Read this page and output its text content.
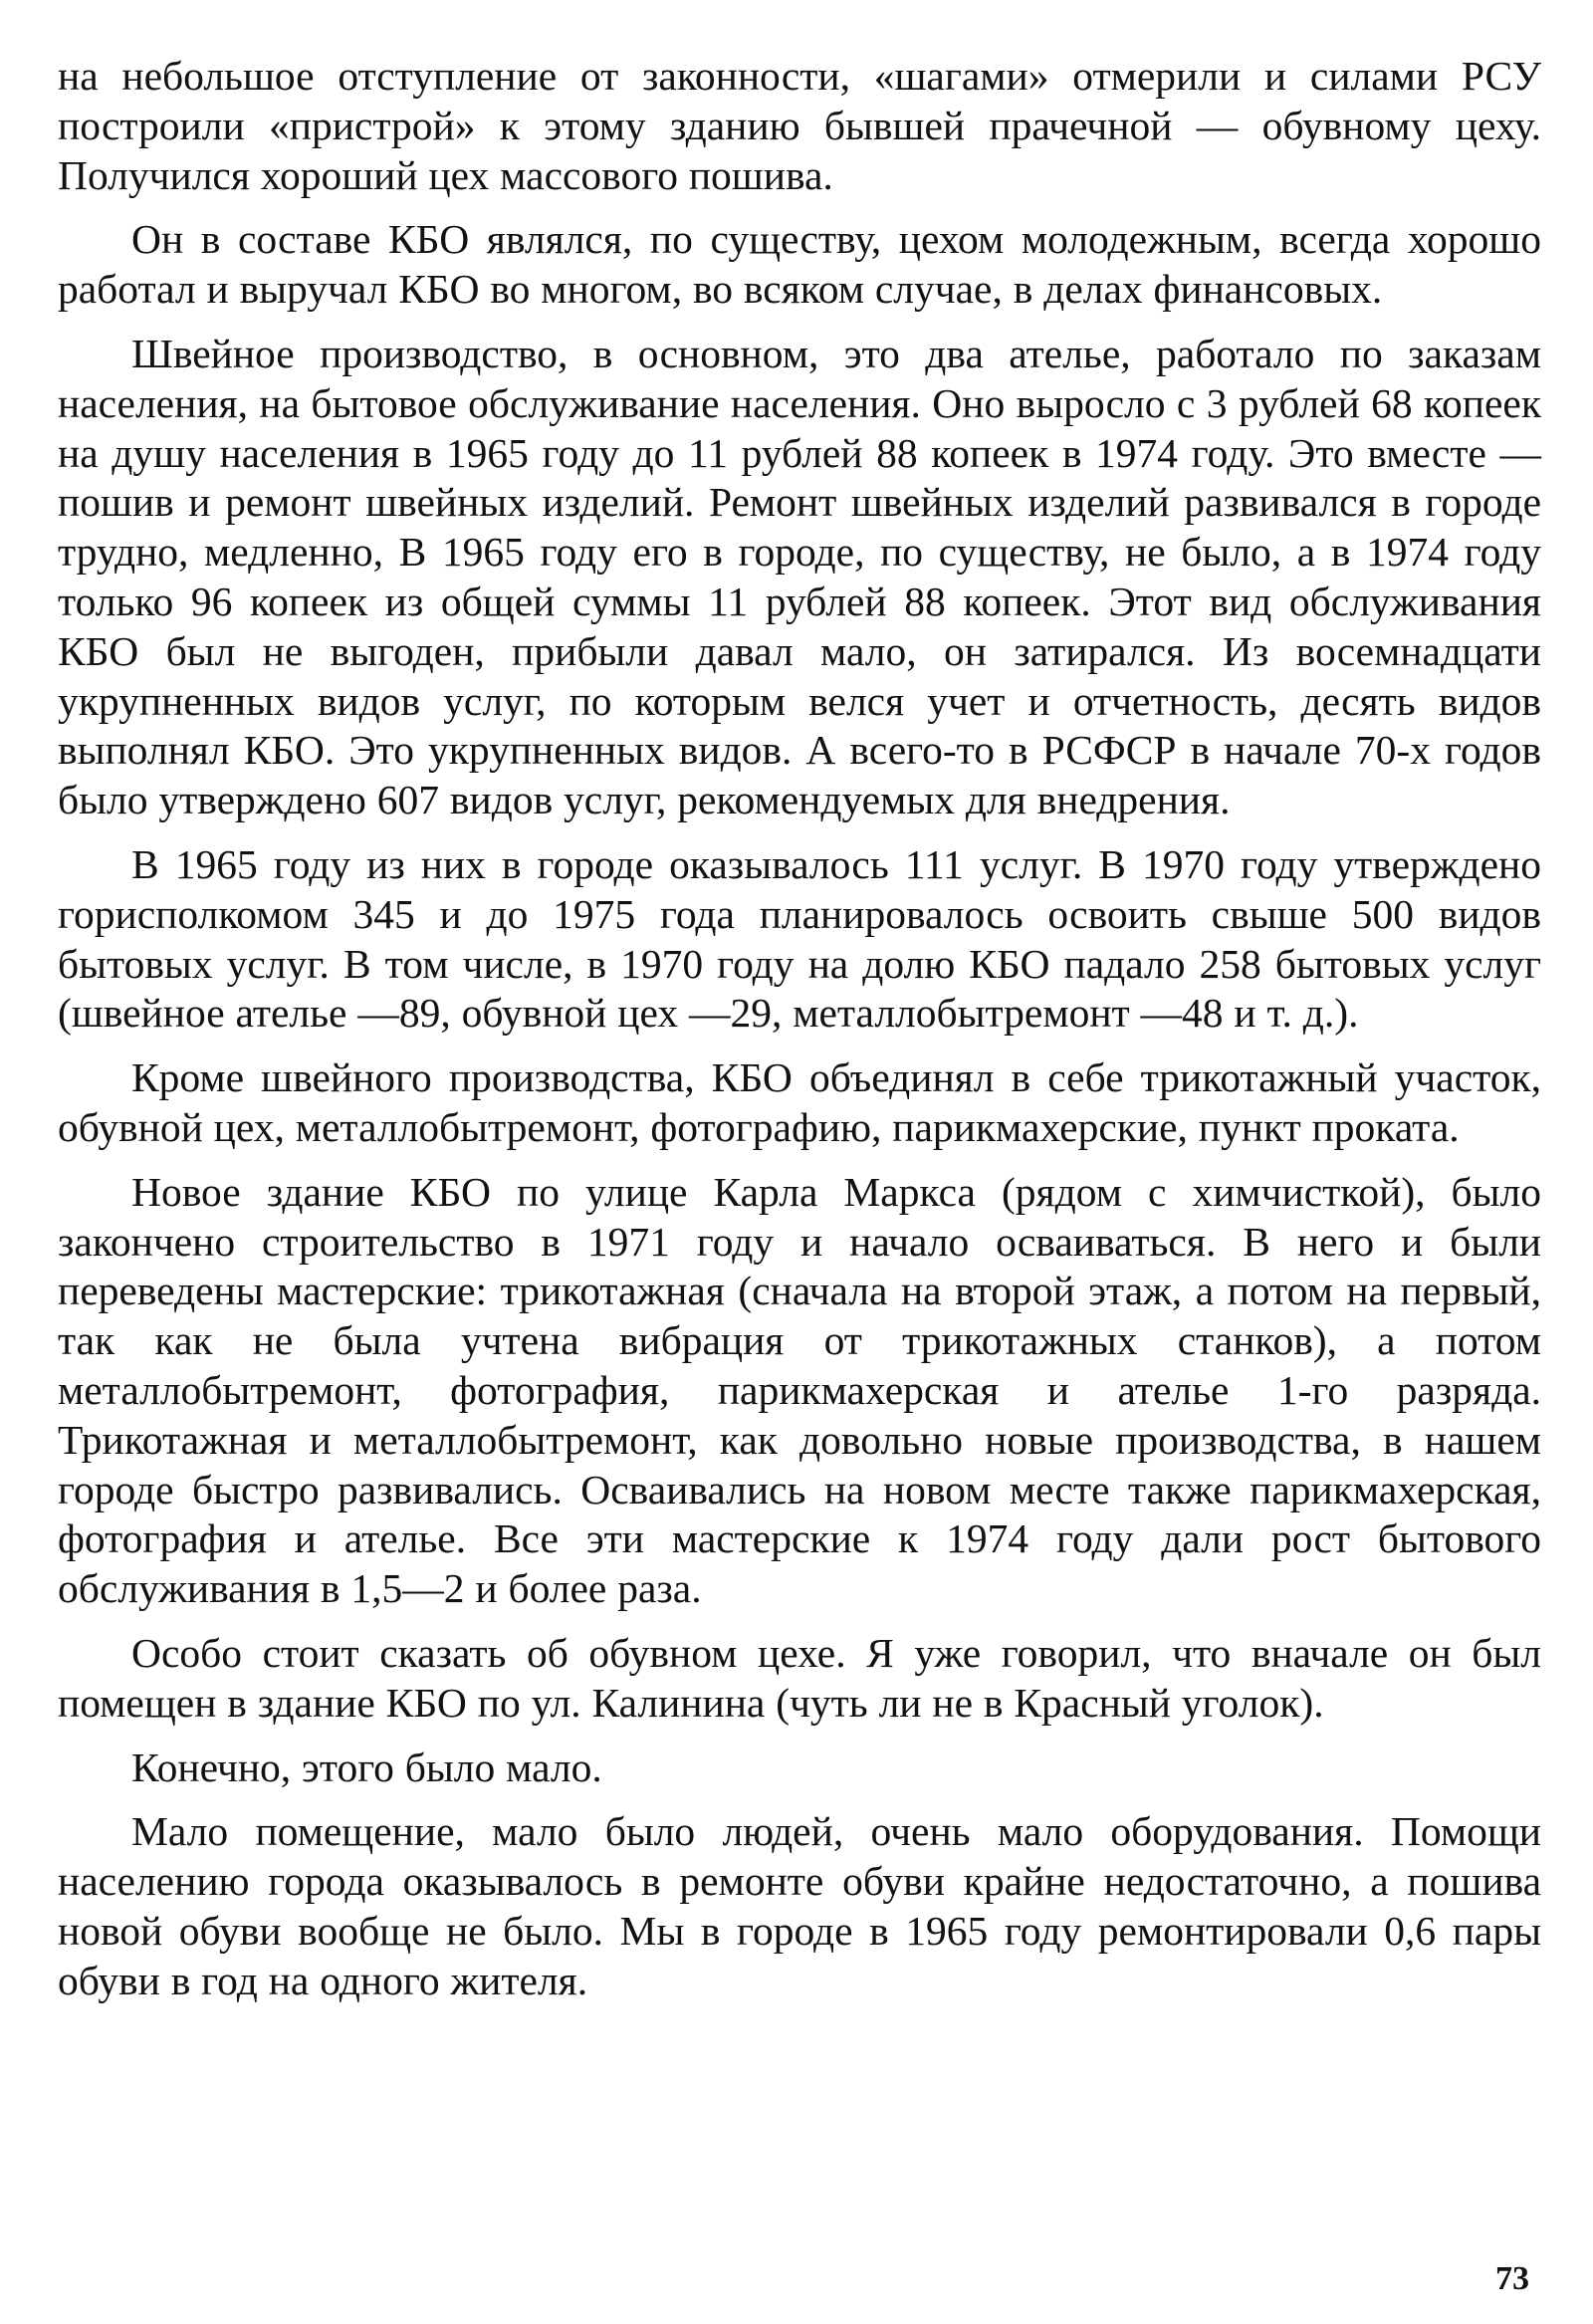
на небольшое отступление от законности, «шагами» отмерили и силами РСУ построили «пристрой» к этому зданию бывшей прачечной — обувному цеху. Получился хороший цех массового пошива.

Он в составе КБО являлся, по существу, цехом молодежным, всегда хорошо работал и выручал КБО во многом, во всяком случае, в делах финансовых.

Швейное производство, в основном, это два ателье, работало по заказам населения, на бытовое обслуживание населения. Оно выросло с 3 рублей 68 копеек на душу населения в 1965 году до 11 рублей 88 копеек в 1974 году. Это вместе — пошив и ремонт швейных изделий. Ремонт швейных изделий развивался в городе трудно, медленно, В 1965 году его в городе, по существу, не было, а в 1974 году только 96 копеек из общей суммы 11 рублей 88 копеек. Этот вид обслуживания КБО был не выгоден, прибыли давал мало, он затирался. Из восемнадцати укрупненных видов услуг, по которым велся учет и отчетность, десять видов выполнял КБО. Это укрупненных видов. А всего-то в РСФСР в начале 70-х годов было утверждено 607 видов услуг, рекомендуемых для внедрения.

В 1965 году из них в городе оказывалось 111 услуг. В 1970 году утверждено горисполкомом 345 и до 1975 года планировалось освоить свыше 500 видов бытовых услуг. В том числе, в 1970 году на долю КБО падало 258 бытовых услуг (швейное ателье —89, обувной цех —29, металлобытремонт —48 и т. д.).

Кроме швейного производства, КБО объединял в себе трикотажный участок, обувной цех, металлобытремонт, фотографию, парикмахерские, пункт проката.

Новое здание КБО по улице Карла Маркса (рядом с химчисткой), было закончено строительство в 1971 году и начало осваиваться. В него и были переведены мастерские: трикотажная (сначала на второй этаж, а потом на первый, так как не была учтена вибрация от трикотажных станков), а потом металлобытремонт, фотография, парикмахерская и ателье 1-го разряда. Трикотажная и металлобытремонт, как довольно новые производства, в нашем городе быстро развивались. Осваивались на новом месте также парикмахерская, фотография и ателье. Все эти мастерские к 1974 году дали рост бытового обслуживания в 1,5—2 и более раза.

Особо стоит сказать об обувном цехе. Я уже говорил, что вначале он был помещен в здание КБО по ул. Калинина (чуть ли не в Красный уголок).

Конечно, этого было мало.

Мало помещение, мало было людей, очень мало оборудования. Помощи населению города оказывалось в ремонте обуви крайне недостаточно, а пошива новой обуви вообще не было. Мы в городе в 1965 году ремонтировали 0,6 пары обуви в год на одного жителя.

73
